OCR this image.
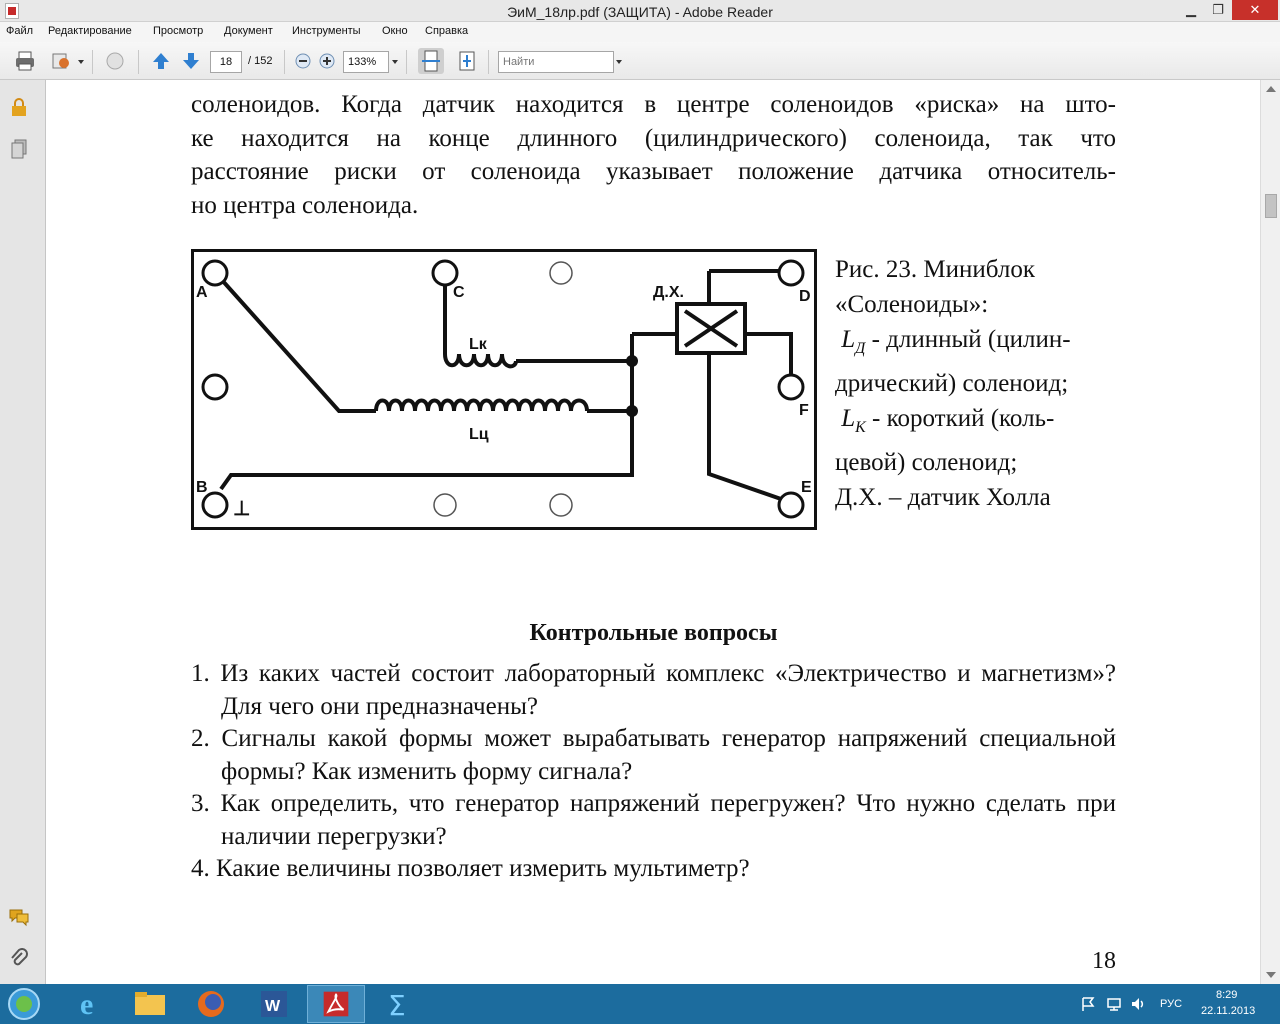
ЭиМ_18лр.pdf (ЗАЩИТА) - Adobe Reader	▁	❐	✕
Файл Редактирование Просмотр Документ Инструменты Окно Справка
18	/ 152	133%
Найти
соленоидов. Когда датчик находится в центре соленоидов «риска» на што-
ке находится на конце длинного (цилиндрического) соленоида, так что
расстояние риски от соленоида указывает положение датчика относитель-
но центра соленоида.
A	C	D
F
B	E
Д.Х.
Lк
Lц
⊥
Рис. 23. Миниблок
«Соленоиды»:
$L_Д$ - длинный (цилин-
дрический) соленоид;
$L_К$ - короткий (коль-
цевой) соленоид;
Д.Х. – датчик Холла
Контрольные вопросы
1. Из каких частей состоит лабораторный комплекс «Электричество и магнетизм»? Для чего они предназначены?
2. Сигналы какой формы может вырабатывать генератор напряжений специальной формы? Как изменить форму сигнала?
3. Как определить, что генератор напряжений перегружен? Что нужно сделать при наличии перегрузки?
4. Какие величины позволяет измерить мультиметр?
18
e	W	Σ	РУС
8:29
22.11.2013
